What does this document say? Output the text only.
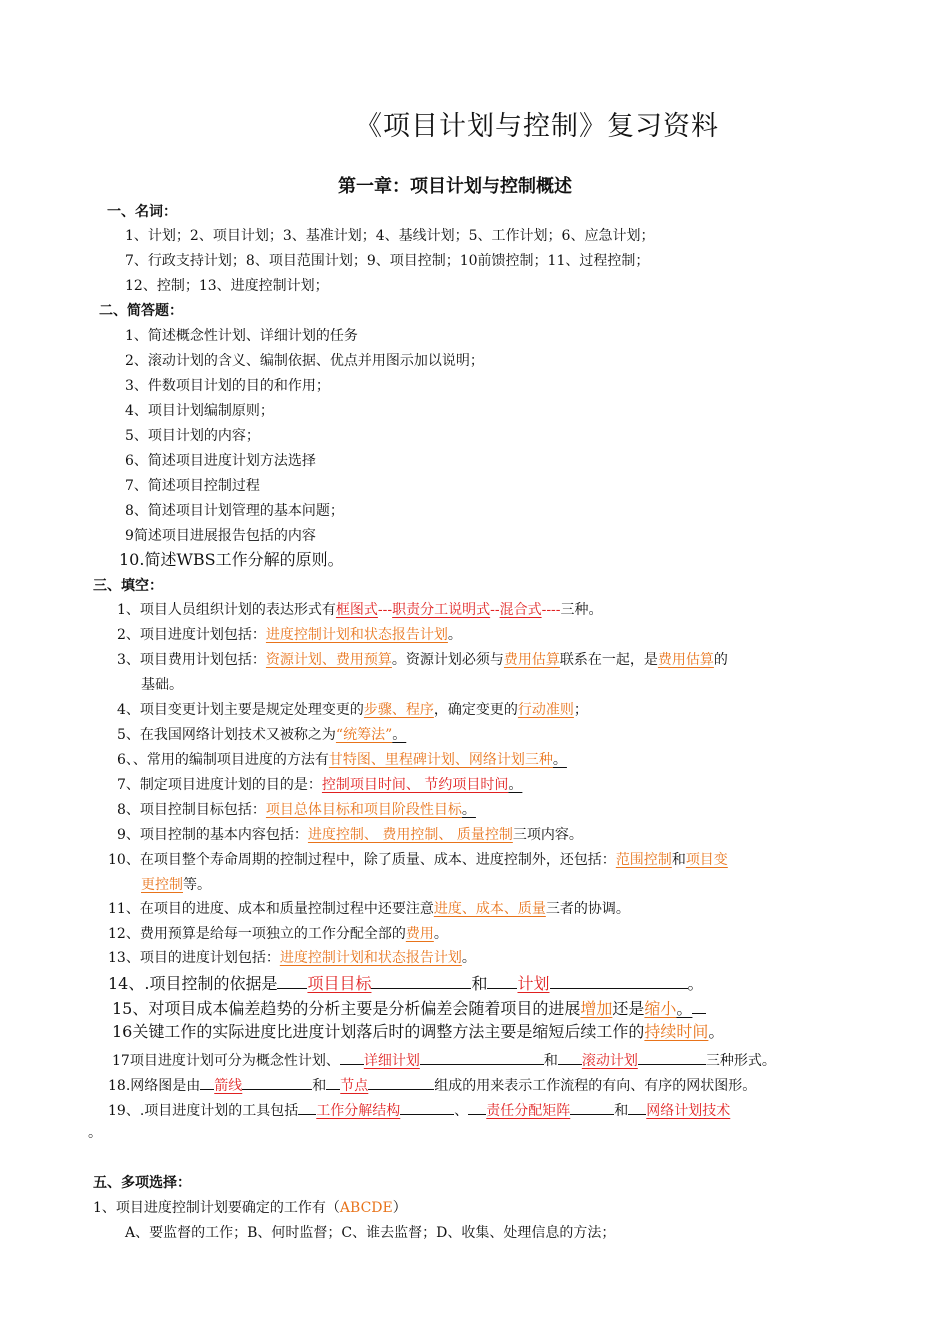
《项目计划与控制》复习资料
第一章：项目计划与控制概述
一、名词：
1、计划；2、项目计划；3、基准计划；4、基线计划；5、工作计划；6、应急计划；
7、行政支持计划；8、项目范围计划；9、项目控制；10前馈控制；11、过程控制；
12、控制；13、进度控制计划；
二、简答题：
1、简述概念性计划、详细计划的任务
2、滚动计划的含义、编制依据、优点并用图示加以说明；
3、件数项目计划的目的和作用；
4、项目计划编制原则；
5、项目计划的内容；
6、简述项目进度计划方法选择
7、简述项目控制过程
8、简述项目计划管理的基本问题；
9简述项目进展报告包括的内容
10.简述WBS工作分解的原则。
三、填空：
1、项目人员组织计划的表达形式有框图式---职责分工说明式--混合式----三种。
2、项目进度计划包括：进度控制计划和状态报告计划。
3、项目费用计划包括：资源计划、费用预算。资源计划必须与费用估算联系在一起，是费用估算的
基础。
4、项目变更计划主要是规定处理变更的步骤、程序，确定变更的行动准则；
5、在我国网络计划技术又被称之为“统筹法”。
6、、常用的编制项目进度的方法有甘特图、里程碑计划、网络计划三种。
7、制定项目进度计划的目的是：控制项目时间、 节约项目时间。
8、项目控制目标包括：项目总体目标和项目阶段性目标。
9、项目控制的基本内容包括：进度控制、 费用控制、 质量控制三项内容。
10、在项目整个寿命周期的控制过程中，除了质量、成本、进度控制外，还包括：范围控制和项目变
更控制等。
11、在项目的进度、成本和质量控制过程中还要注意进度、成本、质量三者的协调。
12、费用预算是给每一项独立的工作分配全部的费用。
13、项目的进度计划包括：进度控制计划和状态报告计划。
14、.项目控制的依据是 项目目标	和 计划	。
15、对项目成本偏差趋势的分析主要是分析偏差会随着项目的进展增加还是缩小。
16关键工作的实际进度比进度计划落后时的调整方法主要是缩短后续工作的持续时间。
17项目进度计划可分为概念性计划、 详细计划	和 滚动计划	三种形式。
18.网络图是由 箭线	和 节点	组成的用来表示工作流程的有向、有序的网状图形。
19、.项目进度计划的工具包括 工作分解结构	、 责任分配矩阵	和 网络计划技术
。
五、多项选择：
1、项目进度控制计划要确定的工作有（ABCDE）
A、要监督的工作；B、何时监督；C、谁去监督；D、收集、处理信息的方法；
